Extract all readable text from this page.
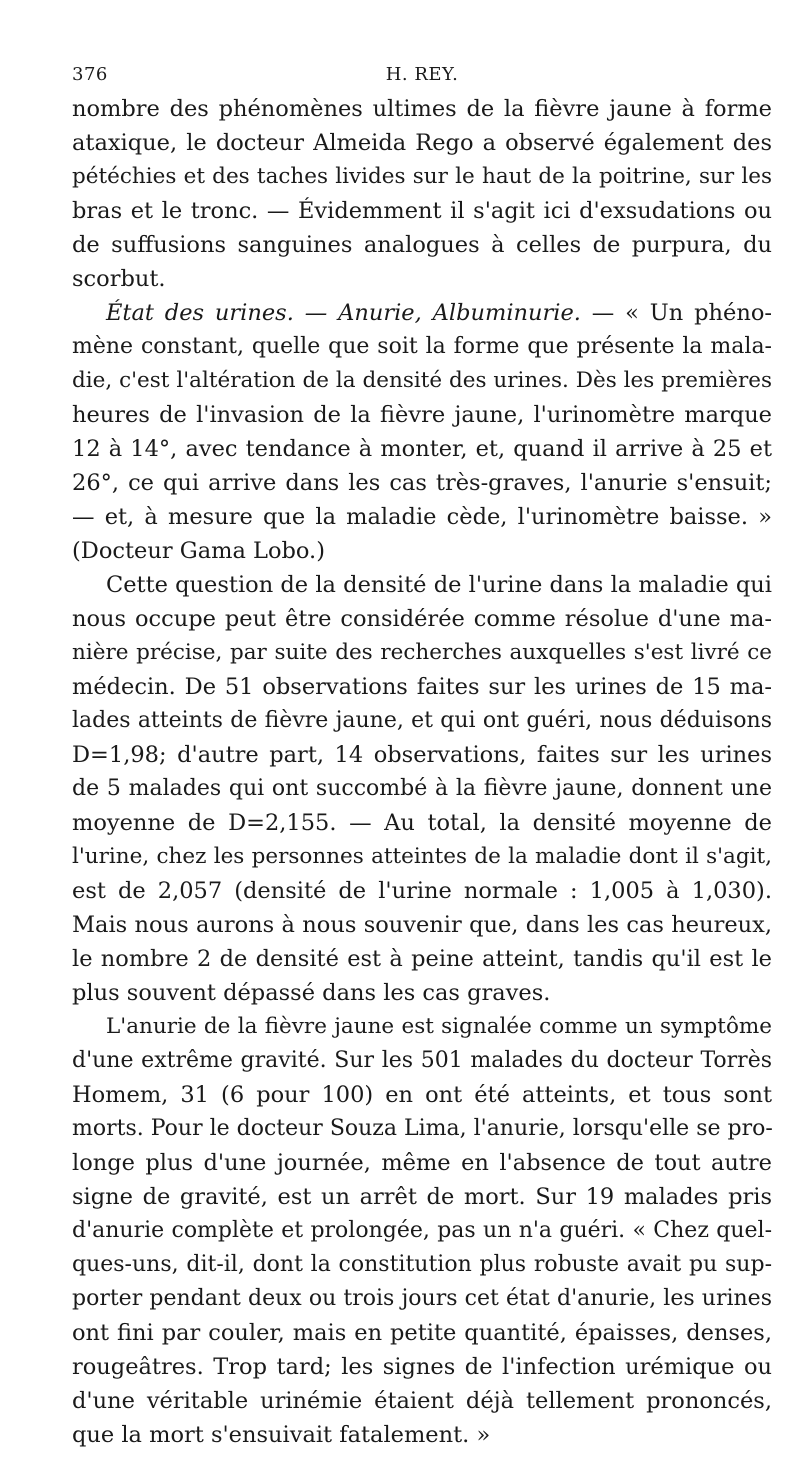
376	H. REY.
nombre des phénomènes ultimes de la fièvre jaune à forme
ataxique, le docteur Almeida Rego a observé également des
pétéchies et des taches livides sur le haut de la poitrine, sur les
bras et le tronc. — Évidemment il s'agit ici d'exsudations ou
de suffusions sanguines analogues à celles de purpura, du
scorbut.
État des urines. — Anurie, Albuminurie. — « Un phéno-
mène constant, quelle que soit la forme que présente la mala-
die, c'est l'altération de la densité des urines. Dès les premières
heures de l'invasion de la fièvre jaune, l'urinomètre marque
12 à 14°, avec tendance à monter, et, quand il arrive à 25 et
26°, ce qui arrive dans les cas très-graves, l'anurie s'ensuit;
— et, à mesure que la maladie cède, l'urinomètre baisse. »
(Docteur Gama Lobo.)
Cette question de la densité de l'urine dans la maladie qui
nous occupe peut être considérée comme résolue d'une ma-
nière précise, par suite des recherches auxquelles s'est livré ce
médecin. De 51 observations faites sur les urines de 15 ma-
lades atteints de fièvre jaune, et qui ont guéri, nous déduisons
D=1,98; d'autre part, 14 observations, faites sur les urines
de 5 malades qui ont succombé à la fièvre jaune, donnent une
moyenne de D=2,155. — Au total, la densité moyenne de
l'urine, chez les personnes atteintes de la maladie dont il s'agit,
est de 2,057 (densité de l'urine normale : 1,005 à 1,030).
Mais nous aurons à nous souvenir que, dans les cas heureux,
le nombre 2 de densité est à peine atteint, tandis qu'il est le
plus souvent dépassé dans les cas graves.
L'anurie de la fièvre jaune est signalée comme un symptôme
d'une extrême gravité. Sur les 501 malades du docteur Torrès
Homem, 31 (6 pour 100) en ont été atteints, et tous sont
morts. Pour le docteur Souza Lima, l'anurie, lorsqu'elle se pro-
longe plus d'une journée, même en l'absence de tout autre
signe de gravité, est un arrêt de mort. Sur 19 malades pris
d'anurie complète et prolongée, pas un n'a guéri. « Chez quel-
ques-uns, dit-il, dont la constitution plus robuste avait pu sup-
porter pendant deux ou trois jours cet état d'anurie, les urines
ont fini par couler, mais en petite quantité, épaisses, denses,
rougeâtres. Trop tard; les signes de l'infection urémique ou
d'une véritable urinémie étaient déjà tellement prononcés,
que la mort s'ensuivait fatalement. »
